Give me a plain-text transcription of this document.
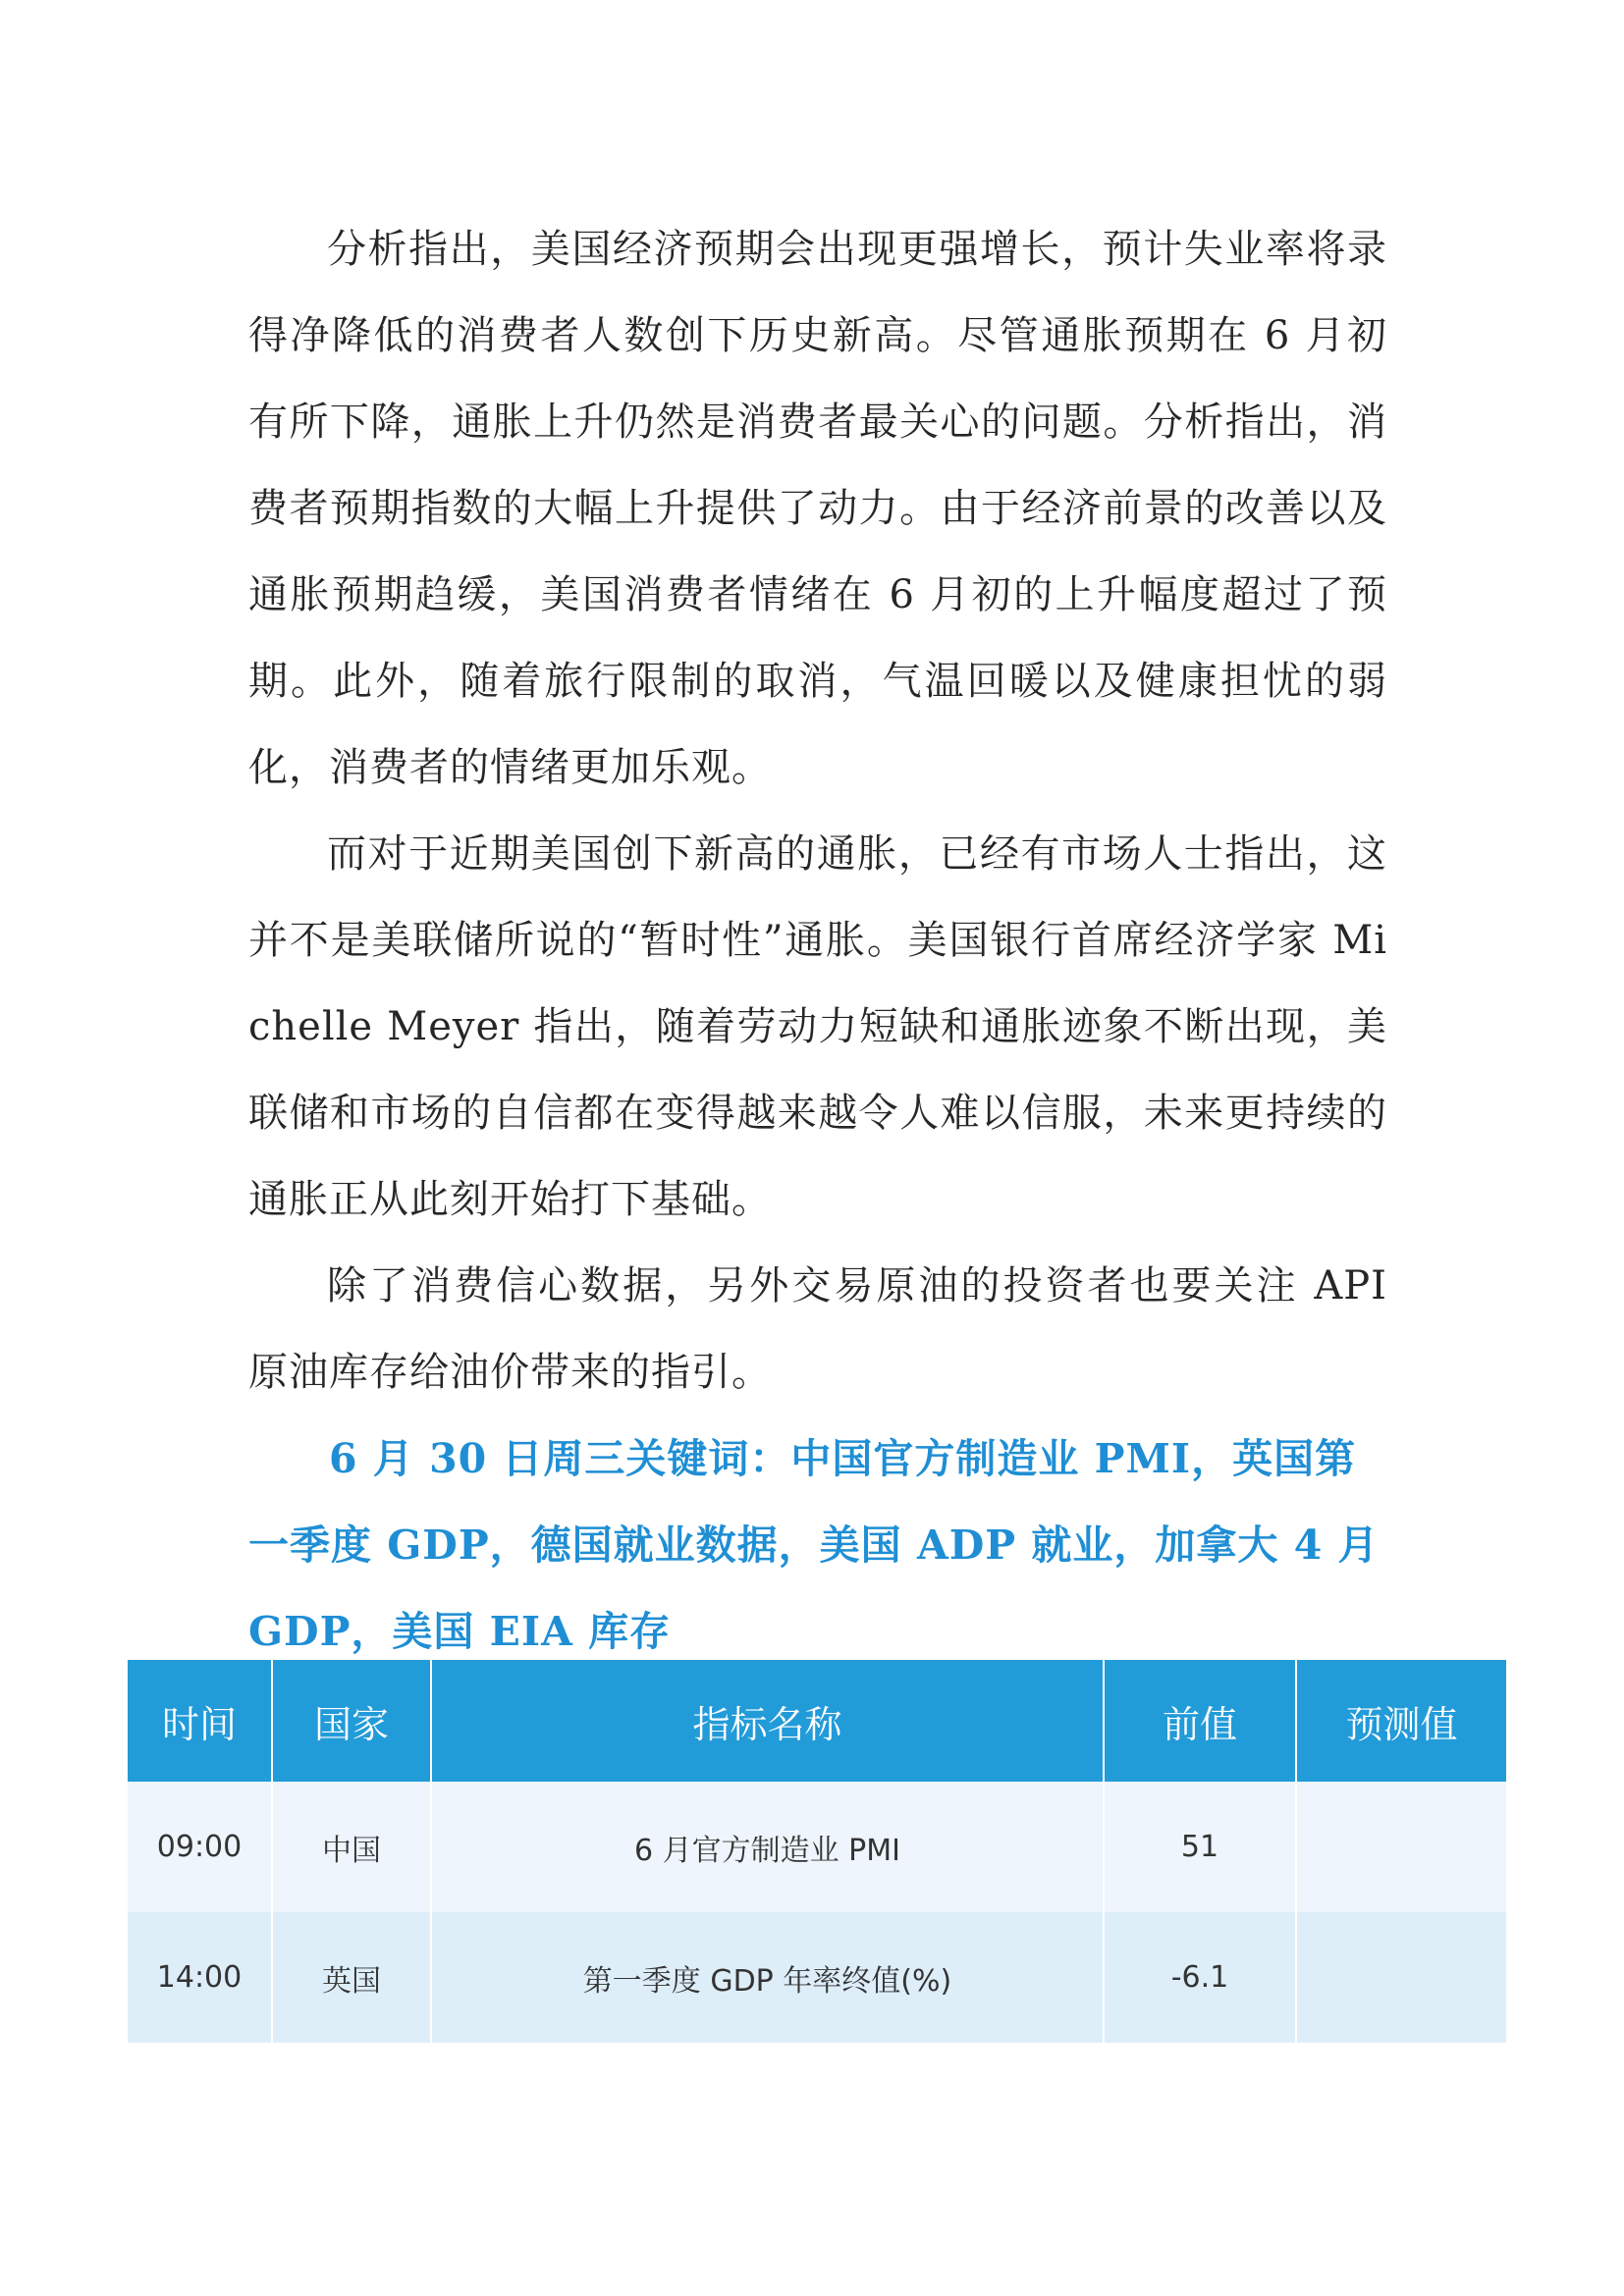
分析指出，美国经济预期会出现更强增长，预计失业率将录得净降低的消费者人数创下历史新高。尽管通胀预期在 6 月初有所下降，通胀上升仍然是消费者最关心的问题。分析指出，消费者预期指数的大幅上升提供了动力。由于经济前景的改善以及通胀预期趋缓，美国消费者情绪在 6 月初的上升幅度超过了预期。此外，随着旅行限制的取消，气温回暖以及健康担忧的弱化，消费者的情绪更加乐观。

而对于近期美国创下新高的通胀，已经有市场人士指出，这并不是美联储所说的“暂时性”通胀。美国银行首席经济学家 Michelle Meyer 指出，随着劳动力短缺和通胀迹象不断出现，美联储和市场的自信都在变得越来越令人难以信服，未来更持续的通胀正从此刻开始打下基础。

除了消费信心数据，另外交易原油的投资者也要关注 API 原油库存给油价带来的指引。

6 月 30 日周三关键词：中国官方制造业 PMI，英国第一季度 GDP，德国就业数据，美国 ADP 就业，加拿大 4 月 GDP，美国 EIA 库存

时间	国家	指标名称	前值	预测值
09:00	中国	6 月官方制造业 PMI	51	
14:00	英国	第一季度 GDP 年率终值(%)	-6.1	
